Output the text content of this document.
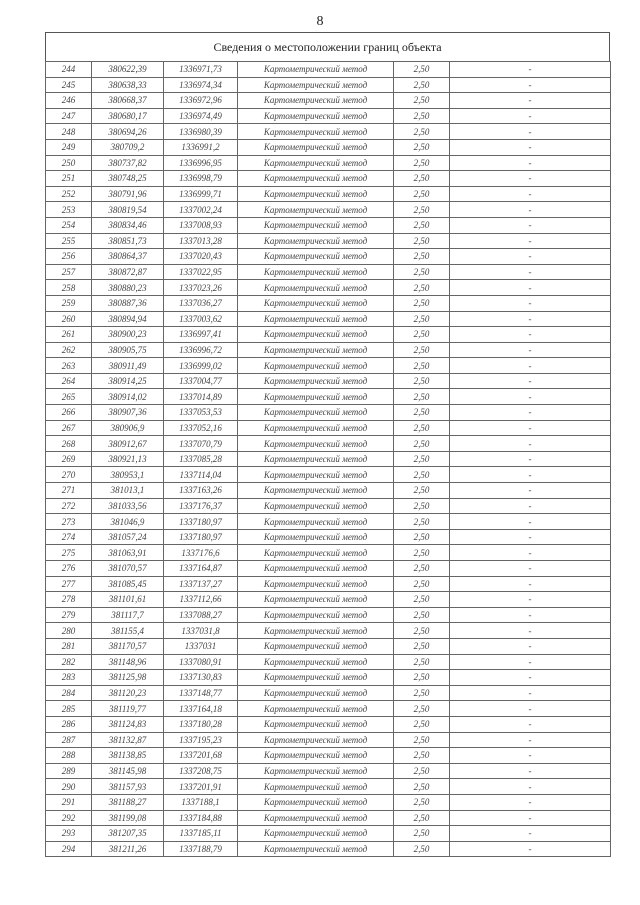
8
Сведения о местоположении границ объекта
244	380622,39	1336971,73	Картометрический метод	2,50	-
245	380638,33	1336974,34	Картометрический метод	2,50	-
246	380668,37	1336972,96	Картометрический метод	2,50	-
247	380680,17	1336974,49	Картометрический метод	2,50	-
248	380694,26	1336980,39	Картометрический метод	2,50	-
249	380709,2	1336991,2	Картометрический метод	2,50	-
250	380737,82	1336996,95	Картометрический метод	2,50	-
251	380748,25	1336998,79	Картометрический метод	2,50	-
252	380791,96	1336999,71	Картометрический метод	2,50	-
253	380819,54	1337002,24	Картометрический метод	2,50	-
254	380834,46	1337008,93	Картометрический метод	2,50	-
255	380851,73	1337013,28	Картометрический метод	2,50	-
256	380864,37	1337020,43	Картометрический метод	2,50	-
257	380872,87	1337022,95	Картометрический метод	2,50	-
258	380880,23	1337023,26	Картометрический метод	2,50	-
259	380887,36	1337036,27	Картометрический метод	2,50	-
260	380894,94	1337003,62	Картометрический метод	2,50	-
261	380900,23	1336997,41	Картометрический метод	2,50	-
262	380905,75	1336996,72	Картометрический метод	2,50	-
263	380911,49	1336999,02	Картометрический метод	2,50	-
264	380914,25	1337004,77	Картометрический метод	2,50	-
265	380914,02	1337014,89	Картометрический метод	2,50	-
266	380907,36	1337053,53	Картометрический метод	2,50	-
267	380906,9	1337052,16	Картометрический метод	2,50	-
268	380912,67	1337070,79	Картометрический метод	2,50	-
269	380921,13	1337085,28	Картометрический метод	2,50	-
270	380953,1	1337114,04	Картометрический метод	2,50	-
271	381013,1	1337163,26	Картометрический метод	2,50	-
272	381033,56	1337176,37	Картометрический метод	2,50	-
273	381046,9	1337180,97	Картометрический метод	2,50	-
274	381057,24	1337180,97	Картометрический метод	2,50	-
275	381063,91	1337176,6	Картометрический метод	2,50	-
276	381070,57	1337164,87	Картометрический метод	2,50	-
277	381085,45	1337137,27	Картометрический метод	2,50	-
278	381101,61	1337112,66	Картометрический метод	2,50	-
279	381117,7	1337088,27	Картометрический метод	2,50	-
280	381155,4	1337031,8	Картометрический метод	2,50	-
281	381170,57	1337031	Картометрический метод	2,50	-
282	381148,96	1337080,91	Картометрический метод	2,50	-
283	381125,98	1337130,83	Картометрический метод	2,50	-
284	381120,23	1337148,77	Картометрический метод	2,50	-
285	381119,77	1337164,18	Картометрический метод	2,50	-
286	381124,83	1337180,28	Картометрический метод	2,50	-
287	381132,87	1337195,23	Картометрический метод	2,50	-
288	381138,85	1337201,68	Картометрический метод	2,50	-
289	381145,98	1337208,75	Картометрический метод	2,50	-
290	381157,93	1337201,91	Картометрический метод	2,50	-
291	381188,27	1337188,1	Картометрический метод	2,50	-
292	381199,08	1337184,88	Картометрический метод	2,50	-
293	381207,35	1337185,11	Картометрический метод	2,50	-
294	381211,26	1337188,79	Картометрический метод	2,50	-
